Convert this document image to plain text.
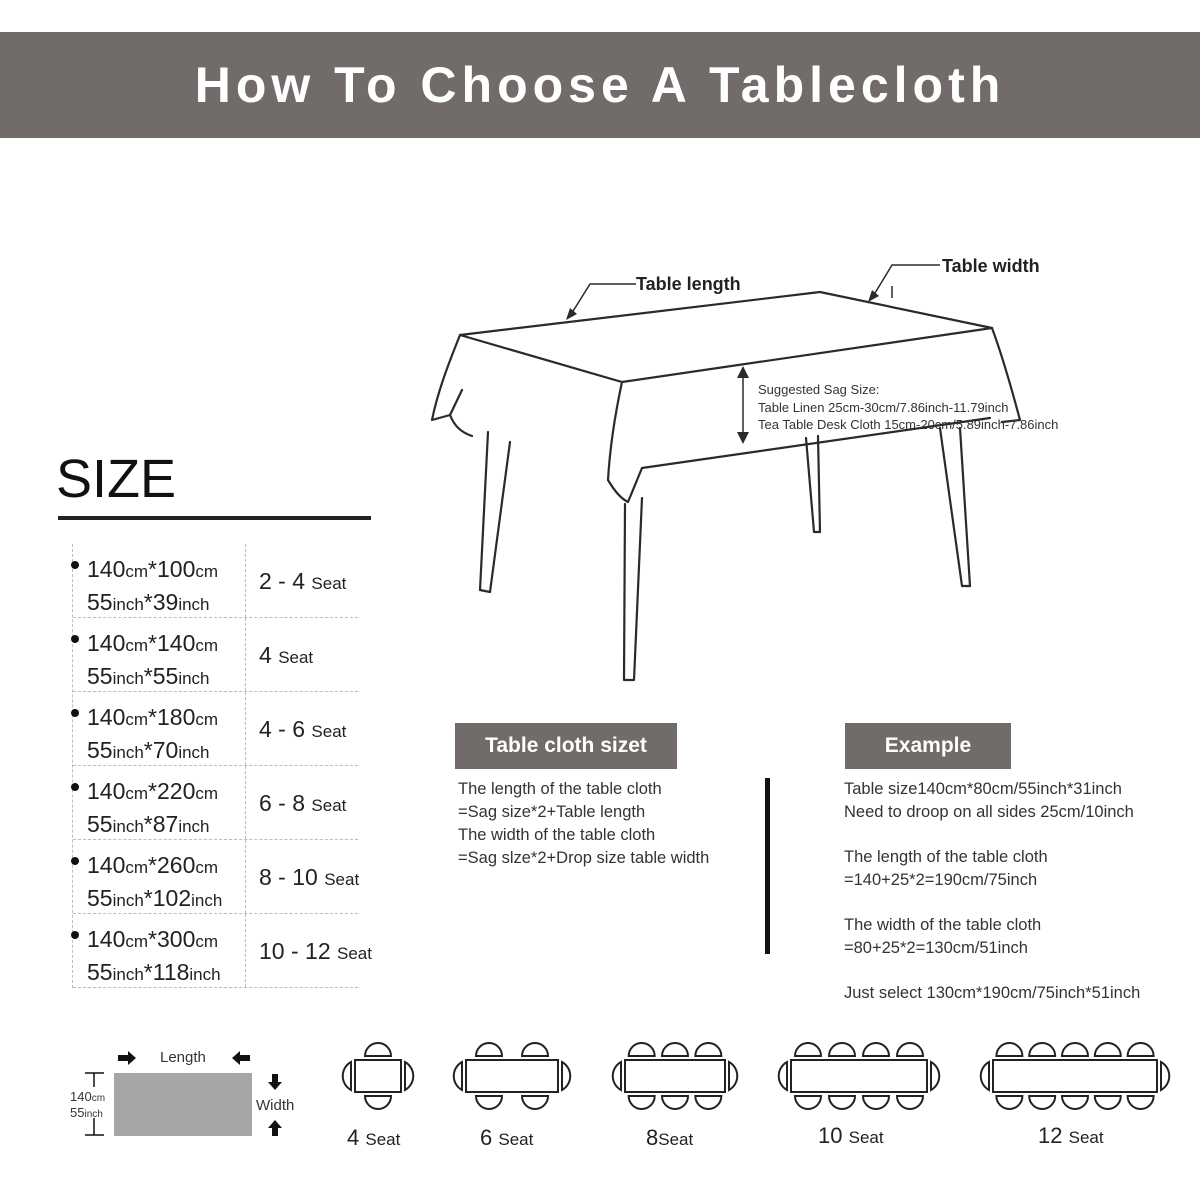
How To Choose A Tablecloth
SIZE
140cm*100cm
55inch*39inch
2 - 4 Seat
140cm*140cm
55inch*55inch
4 Seat
140cm*180cm
55inch*70inch
4 - 6 Seat
140cm*220cm
55inch*87inch
6 - 8 Seat
140cm*260cm
55inch*102inch
8 - 10 Seat
140cm*300cm
55inch*118inch
10 - 12 Seat
Table length
Table width
Suggested Sag Size:
Table Linen 25cm-30cm/7.86inch-11.79inch
Tea Table Desk Cloth 15cm-20cm/5.89inch-7.86inch
Table cloth sizet
The length of the table cloth
=Sag size*2+Table length
The width of the table cloth
=Sag slze*2+Drop size table width
Example
Table size140cm*80cm/55inch*31inch
Need to droop on all sides 25cm/10inch
The length of the table cloth
=140+25*2=190cm/75inch
The width of the table cloth
=80+25*2=130cm/51inch
Just select 130cm*190cm/75inch*51inch
Length
Width
140cm
55inch
4 Seat	6 Seat	8Seat	10 Seat	12 Seat
